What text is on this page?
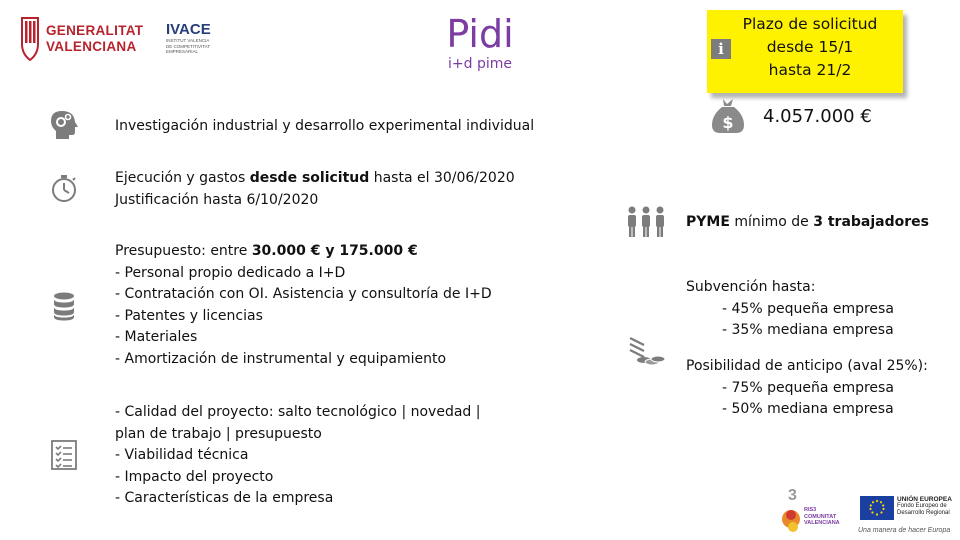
GENERALITAT
VALENCIANA
IVACE
INSTITUT VALENCIA
DE COMPETITIVITAT EMPRESARIAL	Pidi
i+d pime
i
Plazo de solicitud
desde 15/1
hasta 21/2
$ 4.057.000 €
Investigación industrial y desarrollo experimental individual
Ejecución y gastos desde solicitud hasta el 30/06/2020
Justificación hasta 6/10/2020
Presupuesto: entre 30.000 € y 175.000 €
- Personal propio dedicado a I+D
- Contratación con OI. Asistencia y consultoría de I+D
- Patentes y licencias
- Materiales
- Amortización de instrumental y equipamiento
- Calidad del proyecto: salto tecnológico | novedad |
plan de trabajo | presupuesto
- Viabilidad técnica
- Impacto del proyecto
- Características de la empresa
PYME mínimo de 3 trabajadores
Subvención hasta:
- 45% pequeña empresa
- 35% mediana empresa
Posibilidad de anticipo (aval 25%):
- 75% pequeña empresa
- 50% mediana empresa
3
RIS3
COMUNITAT
VALENCIANA
UNIÓN EUROPEA
Fondo Europeo de
Desarrollo Regional
Una manera de hacer Europa
